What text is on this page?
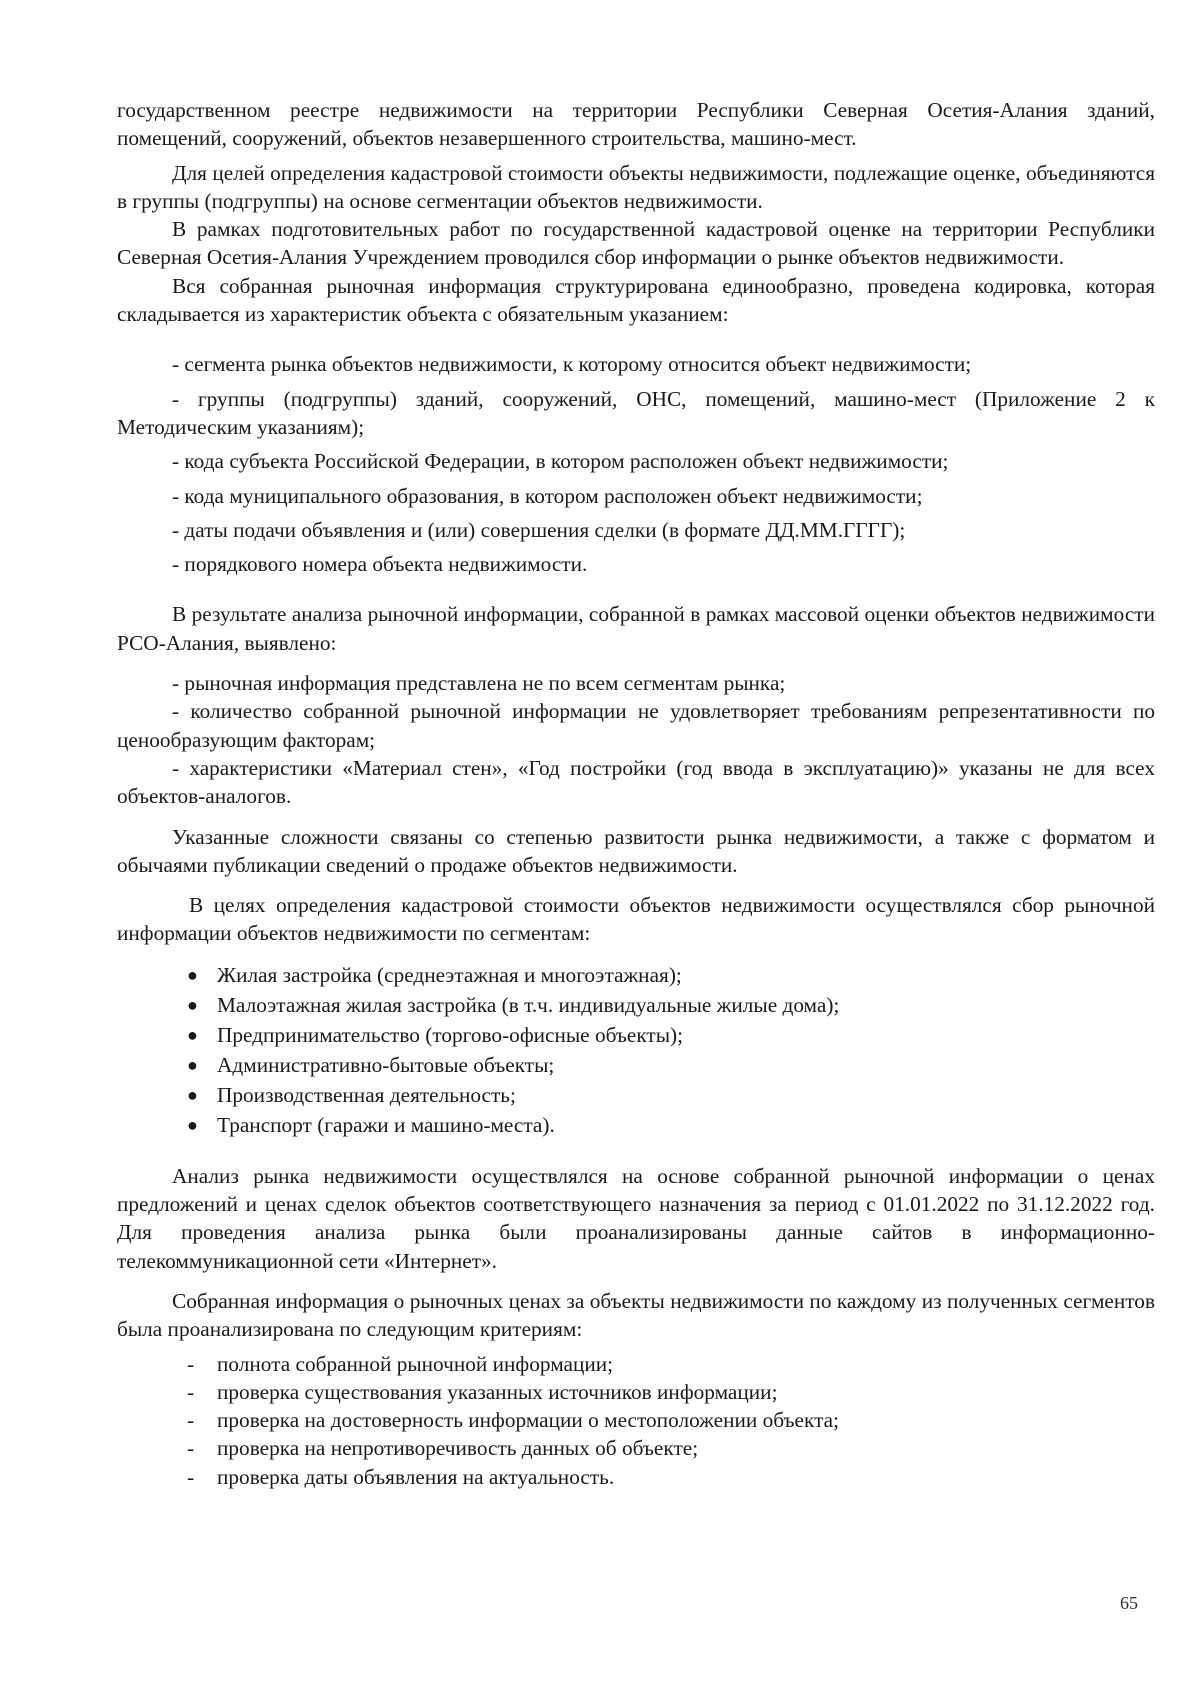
государственном реестре недвижимости на территории Республики Северная Осетия-Алания зданий, помещений, сооружений, объектов незавершенного строительства, машино-мест.

Для целей определения кадастровой стоимости объекты недвижимости, подлежащие оценке, объединяются в группы (подгруппы) на основе сегментации объектов недвижимости.

В рамках подготовительных работ по государственной кадастровой оценке на территории Республики Северная Осетия-Алания Учреждением проводился сбор информации о рынке объектов недвижимости.

Вся собранная рыночная информация структурирована единообразно, проведена кодировка, которая складывается из характеристик объекта с обязательным указанием:

- сегмента рынка объектов недвижимости, к которому относится объект недвижимости;

- группы (подгруппы) зданий, сооружений, ОНС, помещений, машино-мест (Приложение 2 к Методическим указаниям);

- кода субъекта Российской Федерации, в котором расположен объект недвижимости;

- кода муниципального образования, в котором расположен объект недвижимости;

- даты подачи объявления и (или) совершения сделки (в формате ДД.ММ.ГГГГ);

- порядкового номера объекта недвижимости.

В результате анализа рыночной информации, собранной в рамках массовой оценки объектов недвижимости РСО-Алания, выявлено:

- рыночная информация представлена не по всем сегментам рынка;

- количество собранной рыночной информации не удовлетворяет требованиям репрезентативности по ценообразующим факторам;

- характеристики «Материал стен», «Год постройки (год ввода в эксплуатацию)» указаны не для всех объектов-аналогов.

Указанные сложности связаны со степенью развитости рынка недвижимости, а также с форматом и обычаями публикации сведений о продаже объектов недвижимости.

В целях определения кадастровой стоимости объектов недвижимости осуществлялся сбор рыночной информации объектов недвижимости по сегментам:

● Жилая застройка (среднеэтажная и многоэтажная);
● Малоэтажная жилая застройка (в т.ч. индивидуальные жилые дома);
● Предпринимательство (торгово-офисные объекты);
● Административно-бытовые объекты;
● Производственная деятельность;
● Транспорт (гаражи и машино-места).

Анализ рынка недвижимости осуществлялся на основе собранной рыночной информации о ценах предложений и ценах сделок объектов соответствующего назначения за период с 01.01.2022 по 31.12.2022 год. Для проведения анализа рынка были проанализированы данные сайтов в информационно-телекоммуникационной сети «Интернет».

Собранная информация о рыночных ценах за объекты недвижимости по каждому из полученных сегментов была проанализирована по следующим критериям:

- полнота собранной рыночной информации;
- проверка существования указанных источников информации;
- проверка на достоверность информации о местоположении объекта;
- проверка на непротиворечивость данных об объекте;
- проверка даты объявления на актуальность.
65
